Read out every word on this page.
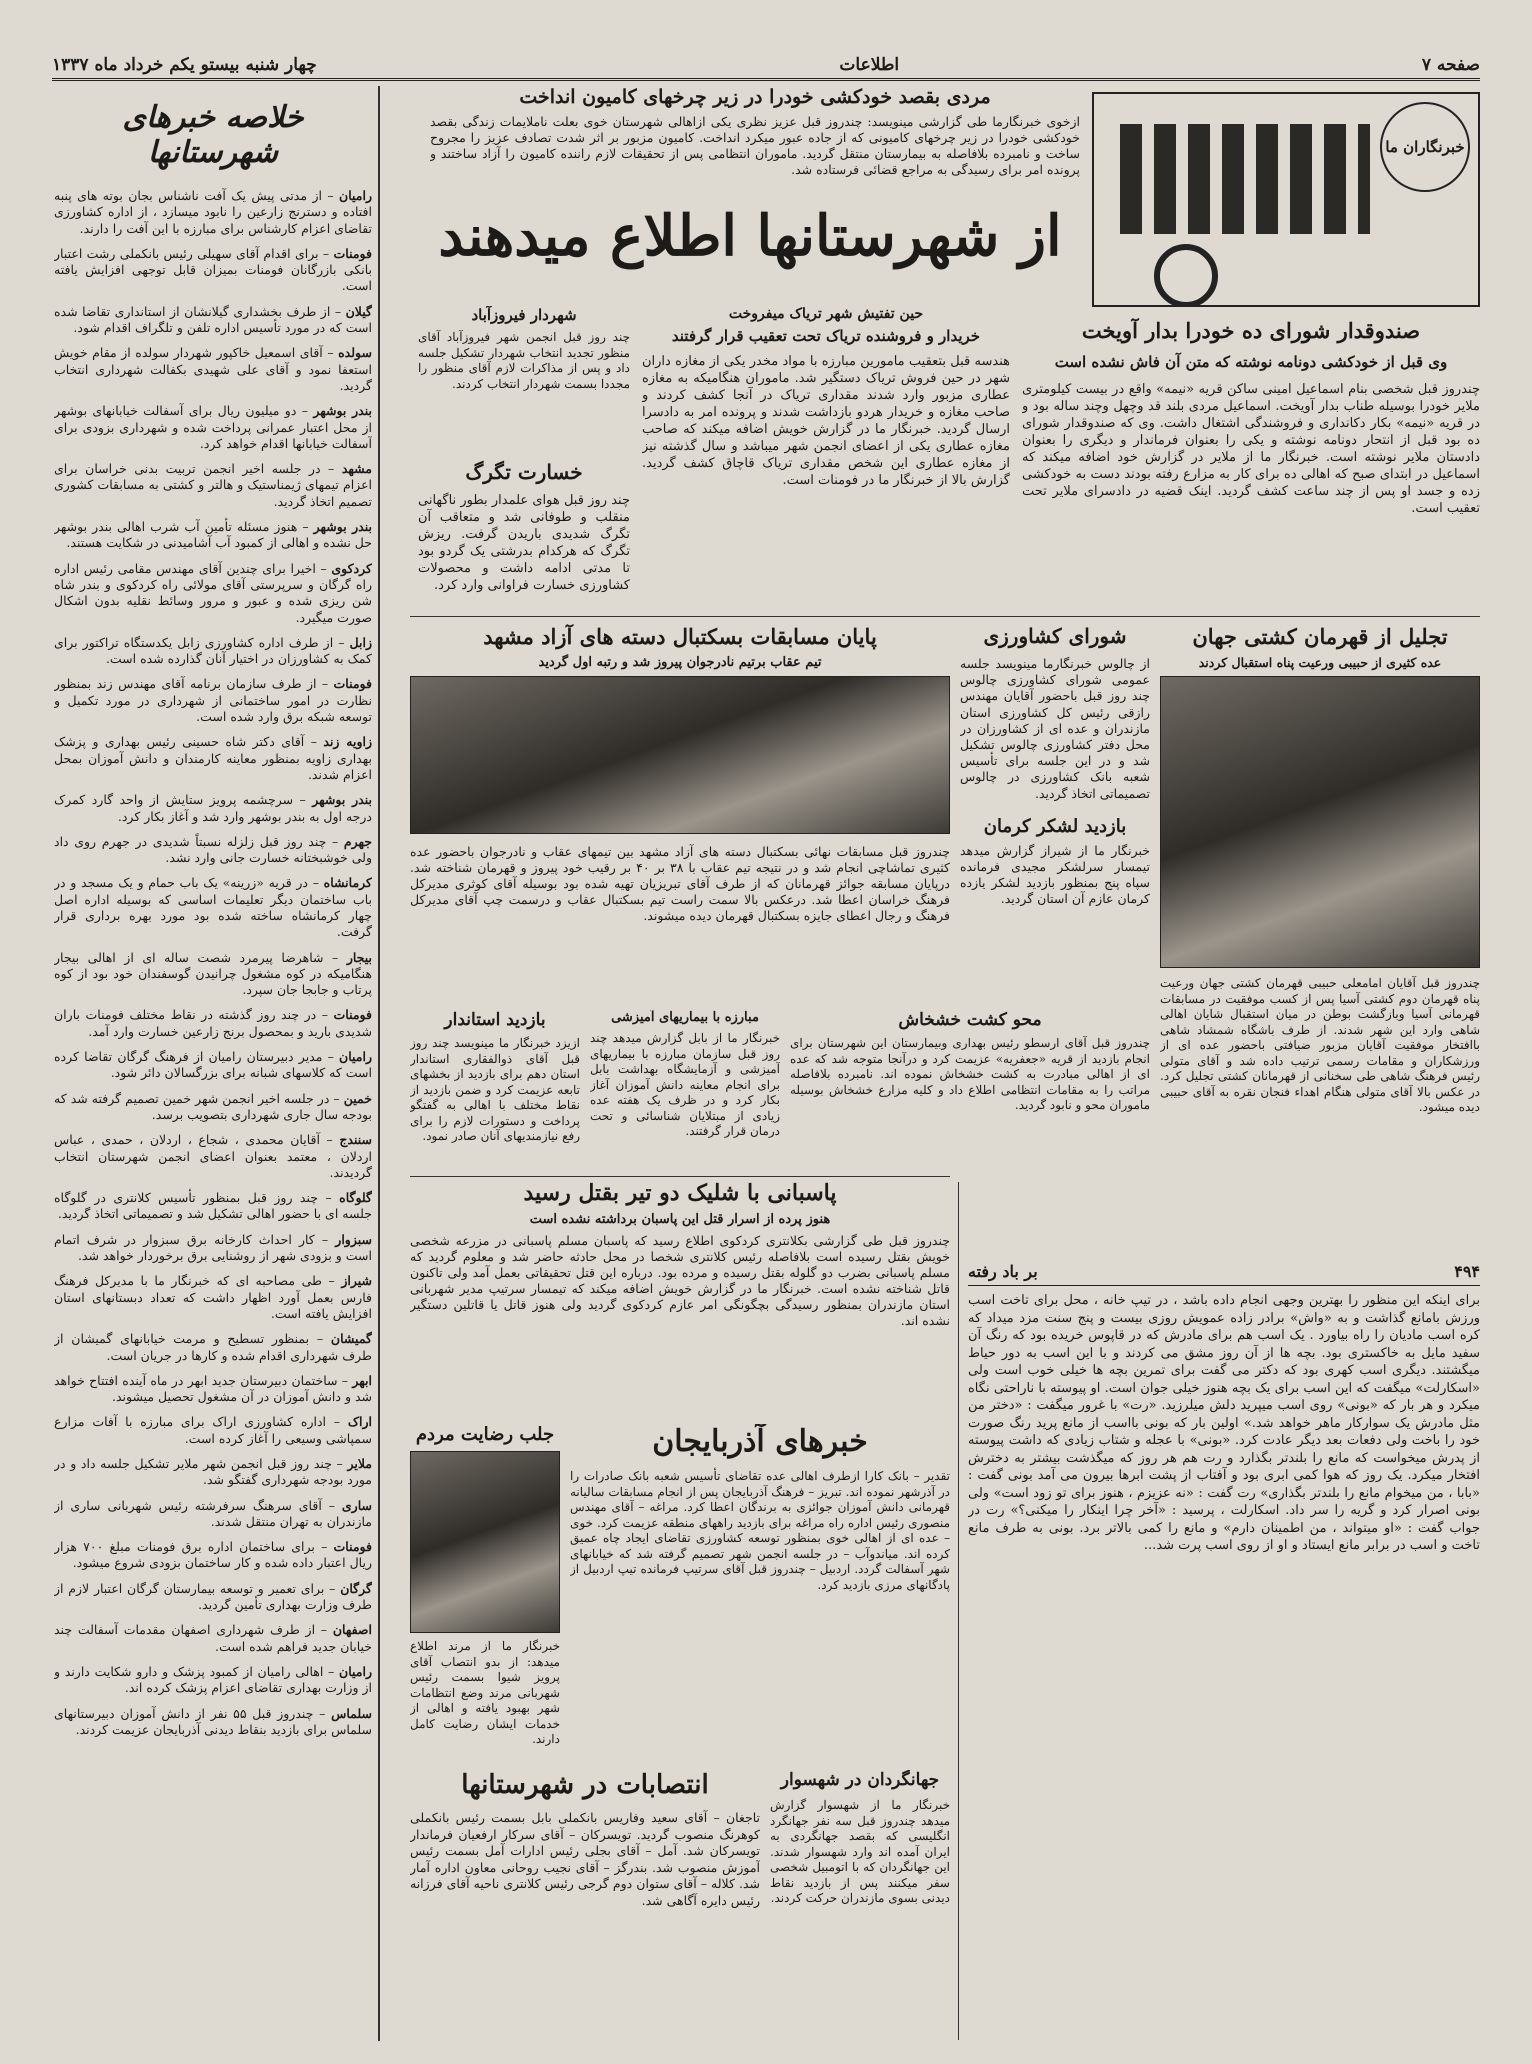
صفحه ۷
اطلاعات
چهار شنبه بیستو یکم خرداد ماه ۱۳۳۷
خلاصه خبرهای شهرستانها
رامیان – از مدتی پیش یک آفت ناشناس بجان بوته های پنبه افتاده و دسترنج زارعین را نابود میسازد ، از اداره کشاورزی تقاضای اعزام کارشناس برای مبارزه با این آفت را دارند.
فومنات – برای اقدام آقای سهیلی رئیس بانکملی رشت اعتبار بانکی بازرگانان فومنات بمیزان قابل توجهی افزایش یافته است.
گیلان – از طرف بخشداری گیلانشان از استانداری تقاضا شده است که در مورد تأسیس اداره تلفن و تلگراف اقدام شود.
سولده – آقای اسمعیل خاکپور شهردار سولده از مقام خویش استعفا نمود و آقای علی شهیدی بکفالت شهرداری انتخاب گردید.
بندر بوشهر – دو میلیون ریال برای آسفالت خیابانهای بوشهر از محل اعتبار عمرانی پرداخت شده و شهرداری بزودی برای آسفالت خیابانها اقدام خواهد کرد.
مشهد – در جلسه اخیر انجمن تربیت بدنی خراسان برای اعزام تیمهای ژیمناستیک و هالتر و کشتی به مسابقات کشوری تصمیم اتخاذ گردید.
بندر بوشهر – هنوز مسئله تأمین آب شرب اهالی بندر بوشهر حل نشده و اهالی از کمبود آب آشامیدنی در شکایت هستند.
کردکوی – اخیرا برای چندین آقای مهندس مقامی رئیس اداره راه گرگان و سرپرستی آقای مولائی راه کردکوی و بندر شاه شن ریزی شده و عبور و مرور وسائط نقلیه بدون اشکال صورت میگیرد.
زابل – از طرف اداره کشاورزی زابل یکدستگاه تراکتور برای کمک به کشاورزان در اختیار آنان گذارده شده است.
فومنات – از طرف سازمان برنامه آقای مهندس زند بمنظور نظارت در امور ساختمانی از شهرداری در مورد تکمیل و توسعه شبکه برق وارد شده است.
زاویه زند – آقای دکتر شاه حسینی رئیس بهداری و پزشک بهداری زاویه بمنظور معاینه کارمندان و دانش آموزان بمحل اعزام شدند.
بندر بوشهر – سرچشمه پرویز ستایش از واحد گارد کمرک درجه اول به بندر بوشهر وارد شد و آغاز بکار کرد.
جهرم – چند روز قبل زلزله نسبتاً شدیدی در جهرم روی داد ولی خوشبختانه خسارت جانی وارد نشد.
کرمانشاه – در قریه «زرینه» یک باب حمام و یک مسجد و در باب ساختمان دیگر تعلیمات اساسی که بوسیله اداره اصل چهار کرمانشاه ساخته شده بود مورد بهره برداری قرار گرفت.
بیجار – شاهرضا پیرمرد شصت ساله ای از اهالی بیجار هنگامیکه در کوه مشغول چرانیدن گوسفندان خود بود از کوه پرتاب و جابجا جان سپرد.
فومنات – در چند روز گذشته در نقاط مختلف فومنات باران شدیدی بارید و بمحصول برنج زارعین خسارت وارد آمد.
رامیان – مدیر دبیرستان رامیان از فرهنگ گرگان تقاضا کرده است که کلاسهای شبانه برای بزرگسالان دائر شود.
خمین – در جلسه اخیر انجمن شهر خمین تصمیم گرفته شد که بودجه سال جاری شهرداری بتصویب برسد.
سنندج – آقایان محمدی ، شجاع ، اردلان ، حمدی ، عباس اردلان ، معتمد بعنوان اعضای انجمن شهرستان انتخاب گردیدند.
گلوگاه – چند روز قبل بمنظور تأسیس کلانتری در گلوگاه جلسه ای با حضور اهالی تشکیل شد و تصمیماتی اتخاذ گردید.
سبزوار – کار احداث کارخانه برق سبزوار در شرف اتمام است و بزودی شهر از روشنایی برق برخوردار خواهد شد.
شیراز – طی مصاحبه ای که خبرنگار ما با مدیرکل فرهنگ فارس بعمل آورد اظهار داشت که تعداد دبستانهای استان افزایش یافته است.
گمیشان – بمنظور تسطیح و مرمت خیابانهای گمیشان از طرف شهرداری اقدام شده و کارها در جریان است.
ابهر – ساختمان دبیرستان جدید ابهر در ماه آینده افتتاح خواهد شد و دانش آموزان در آن مشغول تحصیل میشوند.
اراک – اداره کشاورزی اراک برای مبارزه با آفات مزارع سمپاشی وسیعی را آغاز کرده است.
ملایر – چند روز قبل انجمن شهر ملایر تشکیل جلسه داد و در مورد بودجه شهرداری گفتگو شد.
ساری – آقای سرهنگ سرفرشته رئیس شهربانی ساری از مازندران به تهران منتقل شدند.
فومنات – برای ساختمان اداره برق فومنات مبلغ ۷۰۰ هزار ریال اعتبار داده شده و کار ساختمان بزودی شروع میشود.
گرگان – برای تعمیر و توسعه بیمارستان گرگان اعتبار لازم از طرف وزارت بهداری تأمین گردید.
اصفهان – از طرف شهرداری اصفهان مقدمات آسفالت چند خیابان جدید فراهم شده است.
رامیان – اهالی رامیان از کمبود پزشک و دارو شکایت دارند و از وزارت بهداری تقاضای اعزام پزشک کرده اند.
سلماس – چندروز قبل ۵۵ نفر از دانش آموزان دبیرستانهای سلماس برای بازدید بنقاط دیدنی آذربایجان عزیمت کردند.
خبرنگاران ما
از شهرستانها اطلاع میدهند
مردی بقصد خودکشی خودرا در زیر چرخهای کامیون انداخت
ازخوی خبرنگارما طی گزارشی مینویسد: چندروز قبل عزیز نظری یکی ازاهالی شهرستان خوی بعلت ناملایمات زندگی بقصد خودکشی خودرا در زیر چرخهای کامیونی که از جاده عبور میکرد انداخت. کامیون مزبور بر اثر شدت تصادف عزیز را مجروح ساخت و نامبرده بلافاصله به بیمارستان منتقل گردید. ماموران انتظامی پس از تحقیقات لازم راننده کامیون را آزاد ساختند و پرونده امر برای رسیدگی به مراجع قضائی فرستاده شد.
صندوقدار شورای ده خودرا بدار آویخت
وی قبل از خودکشی دونامه نوشته که متن آن فاش نشده است
چندروز قبل شخصی بنام اسماعیل امینی ساکن قریه «نیمه» واقع در بیست کیلومتری ملایر خودرا بوسیله طناب بدار آویخت. اسماعیل مردی بلند قد وچهل وچند ساله بود و در قریه «نیمه» بکار دکانداری و فروشندگی اشتغال داشت. وی که صندوقدار شورای ده بود قبل از انتحار دونامه نوشته و یکی را بعنوان فرماندار و دیگری را بعنوان دادستان ملایر نوشته است. خبرنگار ما از ملایر در گزارش خود اضافه میکند که اسماعیل در ابتدای صبح که اهالی ده برای کار به مزارع رفته بودند دست به خودکشی زده و جسد او پس از چند ساعت کشف گردید. اینک قضیه در دادسرای ملایر تحت تعقیب است.
حین تفتیش شهر تریاک میفروخت
خریدار و فروشنده تریاک تحت تعقیب قرار گرفتند
هندسه قبل بتعقیب مامورین مبارزه با مواد مخدر یکی از مغازه داران شهر در حین فروش تریاک دستگیر شد. ماموران هنگامیکه به مغازه عطاری مزبور وارد شدند مقداری تریاک در آنجا کشف کردند و صاحب مغازه و خریدار هردو بازداشت شدند و پرونده امر به دادسرا ارسال گردید. خبرنگار ما در گزارش خویش اضافه میکند که صاحب مغازه عطاری یکی از اعضای انجمن شهر میباشد و سال گذشته نیز از مغازه عطاری این شخص مقداری تریاک قاچاق کشف گردید. گزارش بالا از خبرنگار ما در فومنات است.
شهردار فیروزآباد
چند روز قبل انجمن شهر فیروزآباد آقای منظور تجدید انتخاب شهردار تشکیل جلسه داد و پس از مذاکرات لازم آقای منظور را مجددا بسمت شهردار انتخاب کردند.
خسارت تگرگ
چند روز قبل هوای علمدار بطور ناگهانی منقلب و طوفانی شد و متعاقب آن تگرگ شدیدی باریدن گرفت. ریزش تگرگ که هرکدام بدرشتی یک گردو بود تا مدتی ادامه داشت و محصولات کشاورزی خسارت فراوانی وارد کرد.
پایان مسابقات بسکتبال دسته های آزاد مشهد
تیم عقاب برتیم نادرجوان پیروز شد و رتبه اول گردید
چندروز قبل مسابقات نهائی بسکتبال دسته های آزاد مشهد بین تیمهای عقاب و نادرجوان باحضور عده کثیری تماشاچی انجام شد و در نتیجه تیم عقاب با ۳۸ بر ۴۰ بر رقیب خود پیروز و قهرمان شناخته شد. درپایان مسابقه جوائز قهرمانان که از طرف آقای تبریزیان تهیه شده بود بوسیله آقای کوثری مدیرکل فرهنگ خراسان اعطا شد. درعکس بالا سمت راست تیم بسکتبال عقاب و درسمت چپ آقای مدیرکل فرهنگ و رجال اعطای جایزه بسکتبال قهرمان دیده میشوند.
شورای کشاورزی
از چالوس خبرنگارما مینویسد جلسه عمومی شورای کشاورزی چالوس چند روز قبل باحضور آقایان مهندس رازقی رئیس کل کشاورزی استان مازندران و عده ای از کشاورزان در محل دفتر کشاورزی چالوس تشکیل شد و در این جلسه برای تأسیس شعبه بانک کشاورزی در چالوس تصمیماتی اتخاذ گردید.
بازدید لشکر کرمان
خبرنگار ما از شیراز گزارش میدهد تیمسار سرلشکر مجیدی فرمانده سپاه پنج بمنظور بازدید لشکر یازده کرمان عازم آن استان گردید.
تجلیل از قهرمان کشتی جهان
عده کثیری از حبیبی ورعیت پناه استقبال کردند
چندروز قبل آقایان امامعلی حبیبی قهرمان کشتی جهان ورعیت پناه قهرمان دوم کشتی آسیا پس از کسب موفقیت در مسابقات قهرمانی آسیا وبازگشت بوطن در میان استقبال شایان اهالی شاهی وارد این شهر شدند. از طرف باشگاه شمشاد شاهی باافتخار موفقیت آقایان مزبور ضیافتی باحضور عده ای از ورزشکاران و مقامات رسمی ترتیب داده شد و آقای متولی رئیس فرهنگ شاهی طی سخنانی از قهرمانان کشتی تجلیل کرد. در عکس بالا آقای متولی هنگام اهداء فنجان نقره به آقای حبیبی دیده میشود.
بازدید استاندار
ازیزد خبرنگار ما مینویسد چند روز قبل آقای ذوالفقاری استاندار استان دهم برای بازدید از بخشهای تابعه عزیمت کرد و ضمن بازدید از نقاط مختلف با اهالی به گفتگو پرداخت و دستورات لازم را برای رفع نیازمندیهای آنان صادر نمود.
مبارزه با بیماریهای آمیزشی
خبرنگار ما از بابل گزارش میدهد چند روز قبل سازمان مبارزه با بیماریهای آمیزشی و آزمایشگاه بهداشت بابل برای انجام معاینه دانش آموزان آغاز بکار کرد و در ظرف یک هفته عده زیادی از مبتلایان شناسائی و تحت درمان قرار گرفتند.
محو کشت خشخاش
چندروز قبل آقای ارسطو رئیس بهداری وبیمارستان این شهرستان برای انجام بازدید از قریه «جعفریه» عزیمت کرد و درآنجا متوجه شد که عده ای از اهالی مبادرت به کشت خشخاش نموده اند. نامبرده بلافاصله مراتب را به مقامات انتظامی اطلاع داد و کلیه مزارع خشخاش بوسیله ماموران محو و نابود گردید.
پاسبانی با شلیک دو تیر بقتل رسید
هنوز پرده از اسرار قتل این پاسبان برداشته نشده است
چندروز قبل طی گزارشی بکلانتری کردکوی اطلاع رسید که پاسبان مسلم پاسبانی در مزرعه شخصی خویش بقتل رسیده است بلافاصله رئیس کلانتری شخصا در محل حادثه حاضر شد و معلوم گردید که مسلم پاسبانی بضرب دو گلوله بقتل رسیده و مرده بود. درباره این قتل تحقیقاتی بعمل آمد ولی تاکنون قاتل شناخته نشده است. خبرنگار ما در گزارش خویش اضافه میکند که تیمسار سرتیپ مدیر شهربانی استان مازندران بمنظور رسیدگی بچگونگی امر عازم کردکوی گردید ولی هنوز قاتل یا قاتلین دستگیر نشده اند.
۴۹۴
بر باد رفته
برای اینکه این منظور را بهترین وجهی انجام داده باشد ، در تیپ خانه ، محل برای تاخت اسب ورزش بامانع گذاشت و به «واش» برادر زاده عمویش روزی بیست و پنج سنت مزد میداد که کره اسب مادیان را راه بیاورد . یک اسب هم برای مادرش که در قاپوس خریده بود که رنگ آن سفید مایل به خاکستری بود. بچه ها از آن روز مشق می کردند و با این اسب به دور حیاط میگشتند. دیگری اسب کهری بود که دکتر می گفت برای تمرین بچه ها خیلی خوب است ولی «اسکارلت» میگفت که این اسب برای یک بچه هنوز خیلی جوان است. او پیوسته با ناراحتی نگاه میکرد و هر بار که «بونی» روی اسب میپرید دلش میلرزید. «رت» با غرور میگفت : «دختر من مثل مادرش یک سوارکار ماهر خواهد شد.» اولین بار که بونی بااسب از مانع پرید رنگ صورت خود را باخت ولی دفعات بعد دیگر عادت کرد. «بونی» با عجله و شتاب زیادی که داشت پیوسته از پدرش میخواست که مانع را بلندتر بگذارد و رت هم هر روز که میگذشت بیشتر به دخترش افتخار میکرد. یک روز که هوا کمی ابری بود و آفتاب از پشت ابرها بیرون می آمد بونی گفت : «بابا ، من میخوام مانع را بلندتر بگذاری» رت گفت : «نه عزیزم ، هنوز برای تو زود است» ولی بونی اصرار کرد و گریه را سر داد. اسکارلت ، پرسید : «آخر چرا اینکار را میکنی؟» رت در جواب گفت : «او میتواند ، من اطمینان دارم» و مانع را کمی بالاتر برد. بونی به طرف مانع تاخت و اسب در برابر مانع ایستاد و او از روی اسب پرت شد...
جلب رضایت مردم
خبرنگار ما از مرند اطلاع میدهد: از بدو انتصاب آقای پرویز شیوا بسمت رئیس شهربانی مرند وضع انتظامات شهر بهبود یافته و اهالی از خدمات ایشان رضایت کامل دارند.
خبرهای آذربایجان
تقدیر – بانک کارا ازطرف اهالی عده تقاضای تأسیس شعبه بانک صادرات را در آذرشهر نموده اند. تبریز – فرهنگ آذربایجان پس از انجام مسابقات سالیانه قهرمانی دانش آموزان جوائزی به برندگان اعطا کرد. مراغه – آقای مهندس منصوری رئیس اداره راه مراغه برای بازدید راههای منطقه عزیمت کرد. خوی – عده ای از اهالی خوی بمنظور توسعه کشاورزی تقاضای ایجاد چاه عمیق کرده اند. میاندوآب – در جلسه انجمن شهر تصمیم گرفته شد که خیابانهای شهر آسفالت گردد. اردبیل – چندروز قبل آقای سرتیپ فرمانده تیپ اردبیل از پادگانهای مرزی بازدید کرد.
انتصابات در شهرستانها
تاجغان – آقای سعید وفاریس بانکملی بابل بسمت رئیس بانکملی کوهرنگ منصوب گردید. تویسرکان – آقای سرکار ارفعیان فرماندار تویسرکان شد. آمل – آقای بجلی رئیس ادارات آمل بسمت رئیس آموزش منصوب شد. بندرگز – آقای نجیب روحانی معاون اداره آمار شد. کلاله – آقای ستوان دوم گرجی رئیس کلانتری ناحیه آقای فرزانه رئیس دایره آگاهی شد.
جهانگردان در شهسوار
خبرنگار ما از شهسوار گزارش میدهد چندروز قبل سه نفر جهانگرد انگلیسی که بقصد جهانگردی به ایران آمده اند وارد شهسوار شدند. این جهانگردان که با اتومبیل شخصی سفر میکنند پس از بازدید نقاط دیدنی بسوی مازندران حرکت کردند.
